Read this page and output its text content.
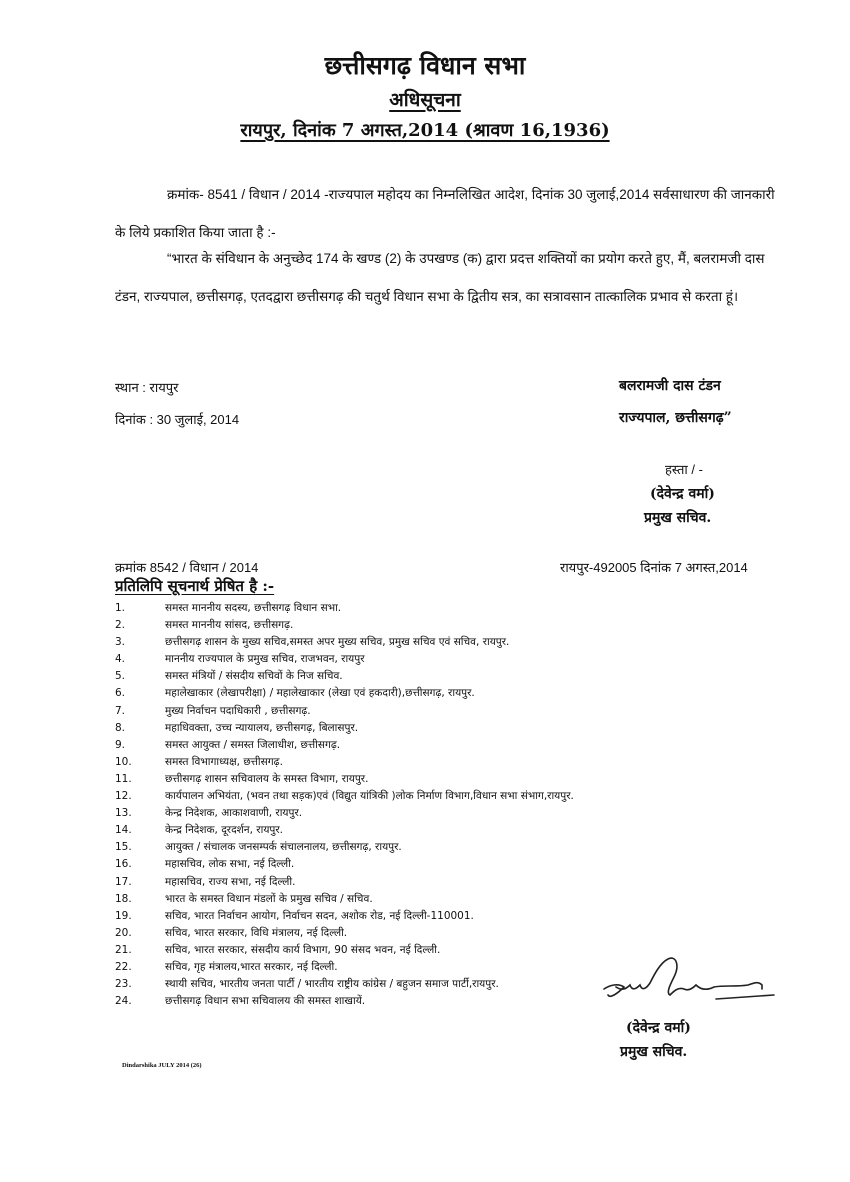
छत्तीसगढ़ विधान सभा
अधिसूचना
रायपुर, दिनांक 7 अगस्त,2014 (श्रावण 16,1936)
क्रमांक- 8541 / विधान / 2014 -राज्यपाल महोदय का निम्नलिखित आदेश, दिनांक 30 जुलाई,2014 सर्वसाधारण की जानकारी के लिये प्रकाशित किया जाता है :-
“भारत के संविधान के अनुच्छेद 174 के खण्ड (2) के उपखण्ड (क) द्वारा प्रदत्त शक्तियों का प्रयोग करते हुए, मैं, बलरामजी दास टंडन, राज्यपाल, छत्तीसगढ़, एतदद्वारा छत्तीसगढ़ की चतुर्थ विधान सभा के द्वितीय सत्र, का सत्रावसान तात्कालिक प्रभाव से करता हूं।
स्थान : रायपुर
दिनांक : 30 जुलाई, 2014
बलरामजी दास टंडन
राज्यपाल, छत्तीसगढ़”
हस्ता / -
(देवेन्द्र वर्मा)
प्रमुख सचिव.
क्रमांक 8542 / विधान / 2014	रायपुर-492005 दिनांक 7 अगस्त,2014
प्रतिलिपि सूचनार्थ प्रेषित है :-
1.	समस्त माननीय सदस्य, छत्तीसगढ़ विधान सभा.
2.	समस्त माननीय सांसद, छत्तीसगढ़.
3.	छत्तीसगढ़ शासन के मुख्य सचिव,समस्त अपर मुख्य सचिव, प्रमुख सचिव एवं सचिव, रायपुर.
4.	माननीय राज्यपाल के प्रमुख सचिव, राजभवन, रायपुर
5.	समस्त मंत्रियों / संसदीय सचिवों के निज सचिव.
6.	महालेखाकार (लेखापरीक्षा) / महालेखाकार (लेखा एवं हकदारी),छत्तीसगढ़, रायपुर.
7.	मुख्य निर्वाचन पदाधिकारी , छत्तीसगढ़.
8.	महाधिवक्ता, उच्च न्यायालय, छत्तीसगढ़, बिलासपुर.
9.	समस्त आयुक्त / समस्त जिलाधीश, छत्तीसगढ़.
10.	समस्त विभागाध्यक्ष, छत्तीसगढ़.
11.	छत्तीसगढ़ शासन सचिवालय के समस्त विभाग, रायपुर.
12.	कार्यपालन अभियंता, (भवन तथा सड़क)एवं (विद्युत यांत्रिकी )लोक निर्माण विभाग,विधान सभा संभाग,रायपुर.
13.	केन्द्र निदेशक, आकाशवाणी, रायपुर.
14.	केन्द्र निदेशक, दूरदर्शन, रायपुर.
15.	आयुक्त / संचालक जनसम्पर्क संचालनालय, छत्तीसगढ़, रायपुर.
16.	महासचिव, लोक सभा, नई दिल्ली.
17.	महासचिव, राज्य सभा, नई दिल्ली.
18.	भारत के समस्त विधान मंडलों के प्रमुख सचिव / सचिव.
19.	सचिव, भारत निर्वाचन आयोग, निर्वाचन सदन, अशोक रोड, नई दिल्ली-110001.
20.	सचिव, भारत सरकार, विधि मंत्रालय, नई दिल्ली.
21.	सचिव, भारत सरकार, संसदीय कार्य विभाग, 90 संसद भवन, नई दिल्ली.
22.	सचिव, गृह मंत्रालय,भारत सरकार, नई दिल्ली.
23.	स्थायी सचिव, भारतीय जनता पार्टी / भारतीय राष्ट्रीय कांग्रेस / बहुजन समाज पार्टी,रायपुर.
24.	छत्तीसगढ़ विधान सभा सचिवालय की समस्त शाखायें.
(देवेन्द्र वर्मा)
प्रमुख सचिव.
Dindarshika JULY 2014 (26)
